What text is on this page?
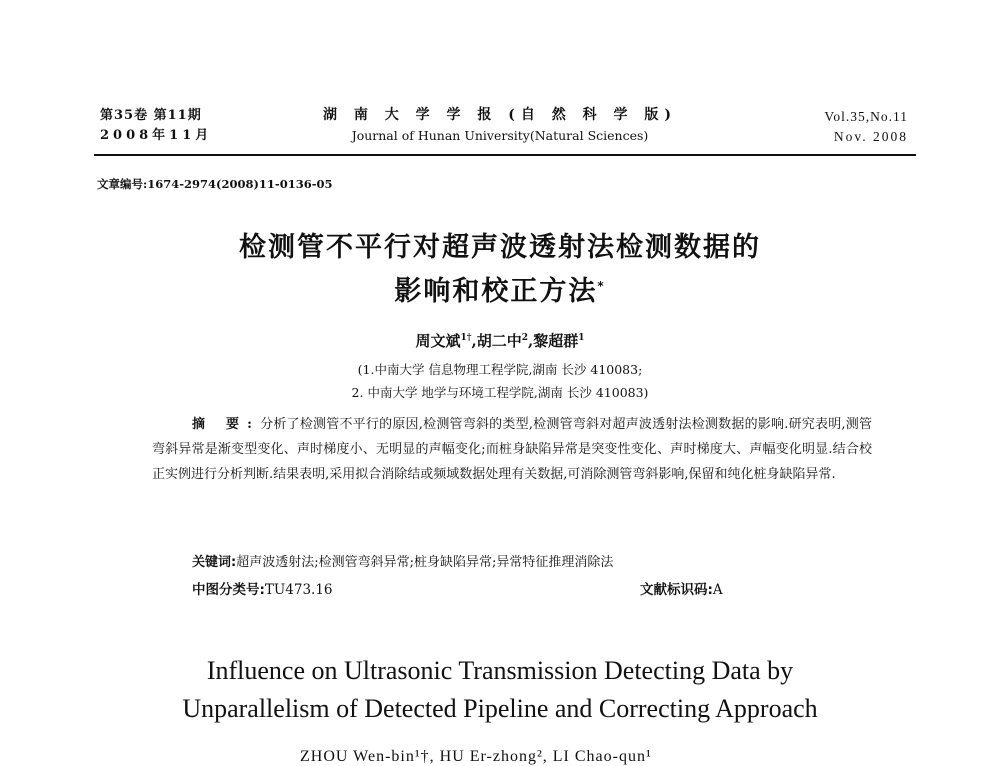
第35卷 第11期
2008年11月
湖 南 大 学 学 报 (自 然 科 学 版)
Journal of Hunan University(Natural Sciences)
Vol.35,No.11
Nov. 2008
文章编号:1674-2974(2008)11-0136-05
检测管不平行对超声波透射法检测数据的
影响和校正方法*
周文斌$^{1\dagger}$,胡二中$^2$,黎超群$^1$
(1.中南大学 信息物理工程学院,湖南 长沙 410083;
2. 中南大学 地学与环境工程学院,湖南 长沙 410083)
摘 要:分析了检测管不平行的原因,检测管弯斜的类型,检测管弯斜对超声波透射法检测数据的影响.研究表明,测管弯斜异常是渐变型变化、声时梯度小、无明显的声幅变化;而桩身缺陷异常是突变性变化、声时梯度大、声幅变化明显.结合校正实例进行分析判断.结果表明,采用拟合消除结或频域数据处理有关数据,可消除测管弯斜影响,保留和纯化桩身缺陷异常.
关键词:超声波透射法;检测管弯斜异常;桩身缺陷异常;异常特征推理消除法
中图分类号:TU473.16	文献标识码:A
Influence on Ultrasonic Transmission Detecting Data by
Unparallelism of Detected Pipeline and Correcting Approach
ZHOU Wen-bin¹†, HU Er-zhong², LI Chao-qun¹
